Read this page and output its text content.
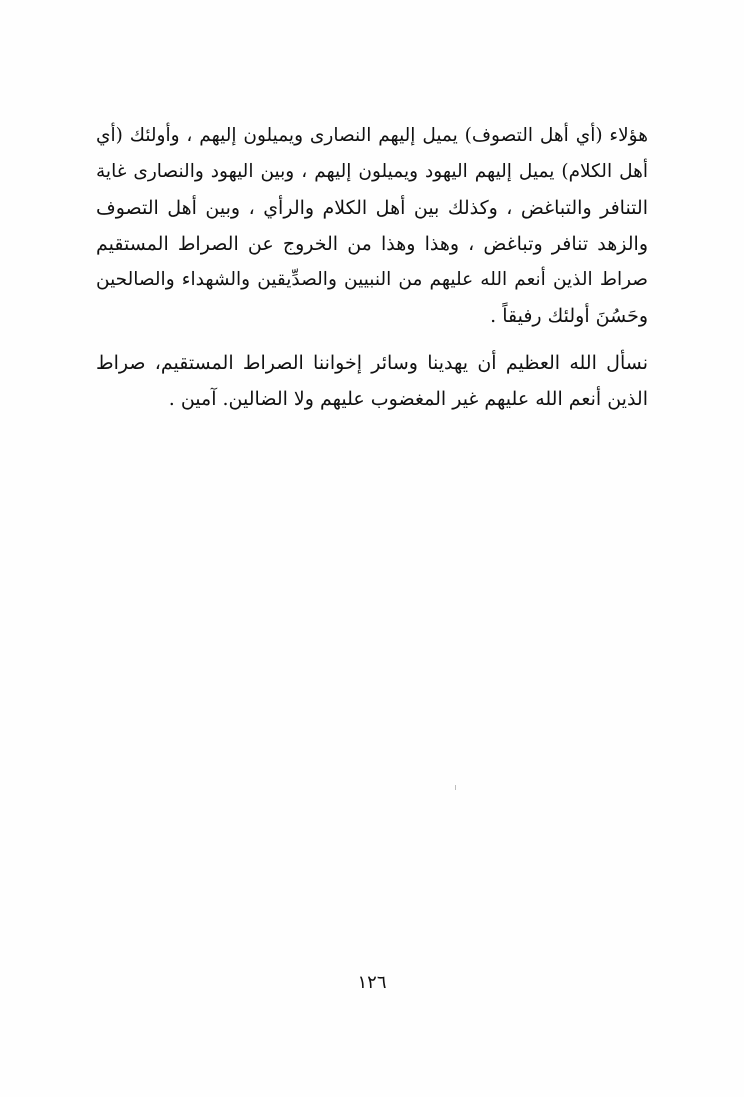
هؤلاء (أي أهل التصوف) يميل إليهم النصارى ويميلون إليهم ، وأولئك (أي
أهل الكلام) يميل إليهم اليهود ويميلون إليهم ، وبين اليهود والنصارى غاية
التنافر والتباغض ، وكذلك بين أهل الكلام والرأي ، وبين أهل التصوف
والزهد تنافر وتباغض ، وهذا وهذا من الخروج عن الصراط المستقيم
صراط الذين أنعم الله عليهم من النبيين والصدِّيقين والشهداء والصالحين
وحَسُنَ أولئك رفيقاً .
نسأل الله العظيم أن يهدينا وسائر إخواننا الصراط المستقيم، صراط
الذين أنعم الله عليهم غير المغضوب عليهم ولا الضالين. آمين .
١٢٦
